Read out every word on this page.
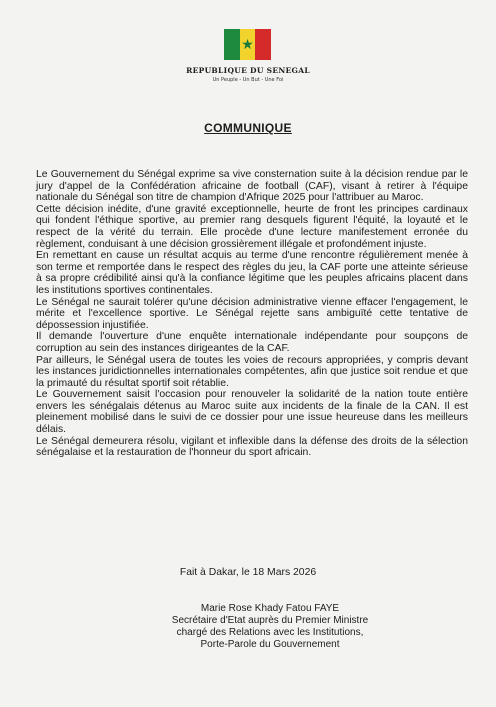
★
REPUBLIQUE DU SENEGAL
Un Peuple - Un But - Une Foi
COMMUNIQUE

Le Gouvernement du Sénégal exprime sa vive consternation suite à la décision rendue par le jury d'appel de la Confédération africaine de football (CAF), visant à retirer à l'équipe nationale du Sénégal son titre de champion d'Afrique 2025 pour l'attribuer au Maroc.

Cette décision inédite, d'une gravité exceptionnelle, heurte de front les principes cardinaux qui fondent l'éthique sportive, au premier rang desquels figurent l'équité, la loyauté et le respect de la vérité du terrain. Elle procède d'une lecture manifestement erronée du règlement, conduisant à une décision grossièrement illégale et profondément injuste.

En remettant en cause un résultat acquis au terme d'une rencontre régulièrement menée à son terme et remportée dans le respect des règles du jeu, la CAF porte une atteinte sérieuse à sa propre crédibilité ainsi qu'à la confiance légitime que les peuples africains placent dans les institutions sportives continentales.

Le Sénégal ne saurait tolérer qu'une décision administrative vienne effacer l'engagement, le mérite et l'excellence sportive. Le Sénégal rejette sans ambiguïté cette tentative de dépossession injustifiée.

Il demande l'ouverture d'une enquête internationale indépendante pour soupçons de corruption au sein des instances dirigeantes de la CAF.

Par ailleurs, le Sénégal usera de toutes les voies de recours appropriées, y compris devant les instances juridictionnelles internationales compétentes, afin que justice soit rendue et que la primauté du résultat sportif soit rétablie.

Le Gouvernement saisit l'occasion pour renouveler la solidarité de la nation toute entière envers les sénégalais détenus au Maroc suite aux incidents de la finale de la CAN. Il est pleinement mobilisé dans le suivi de ce dossier pour une issue heureuse dans les meilleurs délais.

Le Sénégal demeurera résolu, vigilant et inflexible dans la défense des droits de la sélection sénégalaise et la restauration de l'honneur du sport africain.

Fait à Dakar, le 18 Mars 2026
Marie Rose Khady Fatou FAYE
Secrétaire d'Etat auprès du Premier Ministre
chargé des Relations avec les Institutions,
Porte-Parole du Gouvernement
